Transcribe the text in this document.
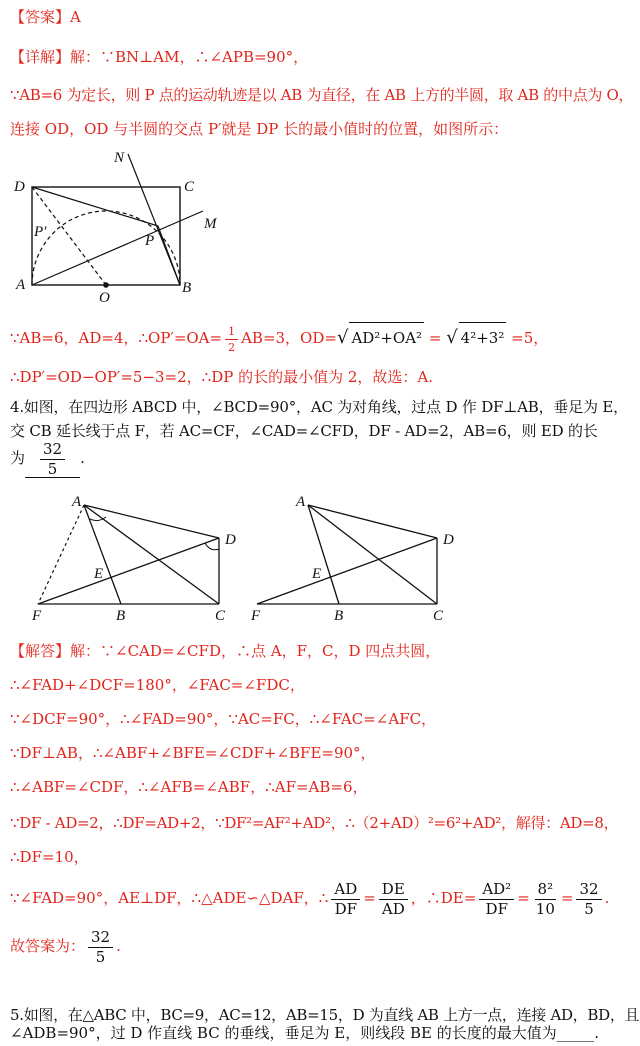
【答案】A
【详解】解：∵BN⊥AM，∴∠APB=90°，
∵AB=6 为定长，则 P 点的运动轨迹是以 AB 为直径，在 AB 上方的半圆，取 AB 的中点为 O，
连接 OD，OD 与半圆的交点 P′就是 DP 长的最小值时的位置，如图所示：
D	C
N
M
P′
P
A
O
B
∵AB=6，AD=4，∴OP′=OA= $\frac{1}{2} AB=3$，OD=√ AD²+OA² = √ 4²+3² =5，
∴DP′=OD−OP′=5−3=2，∴DP 的长的最小值为 2，故选：A.
4.如图，在四边形 ABCD 中，∠BCD=90°，AC 为对角线，过点 D 作 DF⊥AB，垂足为 E，
交 CB 延长线于点 F，若 AC=CF，∠CAD=∠CFD，DF - AD=2，AB=6，则 ED 的长
为 $\frac{32}{5}$ .
A
D
E
F	B	C
A
D
E
F	B	C
【解答】解：∵∠CAD=∠CFD，∴点 A，F，C，D 四点共圆，
∴∠FAD+∠DCF=180°，∠FAC=∠FDC，
∵∠DCF=90°，∴∠FAD=90°，∵AC=FC，∴∠FAC=∠AFC，
∵DF⊥AB，∴∠ABF+∠BFE=∠CDF+∠BFE=90°，
∴∠ABF=∠CDF，∴∠AFB=∠ABF，∴AF=AB=6，
∵DF - AD=2，∴DF=AD+2，∵DF²=AF²+AD²，∴（2+AD）²=6²+AD²，解得：AD=8，
∴DF=10，
∵∠FAD=90°，AE⊥DF，∴△ADE∽△DAF，∴ $\frac{AD}{DF} = \frac{DE}{AD}$ ，∴DE= $\frac{\text{AD²}}{DF} = \frac{\text{8²}}{10} = \frac{32}{5}$ .
故答案为： $\frac{32}{5}$ .
5.如图，在△ABC 中，BC=9，AC=12，AB=15，D 为直线 AB 上方一点，连接 AD，BD，且
∠ADB=90°，过 D 作直线 BC 的垂线，垂足为 E，则线段 BE 的长度的最大值为_____.
